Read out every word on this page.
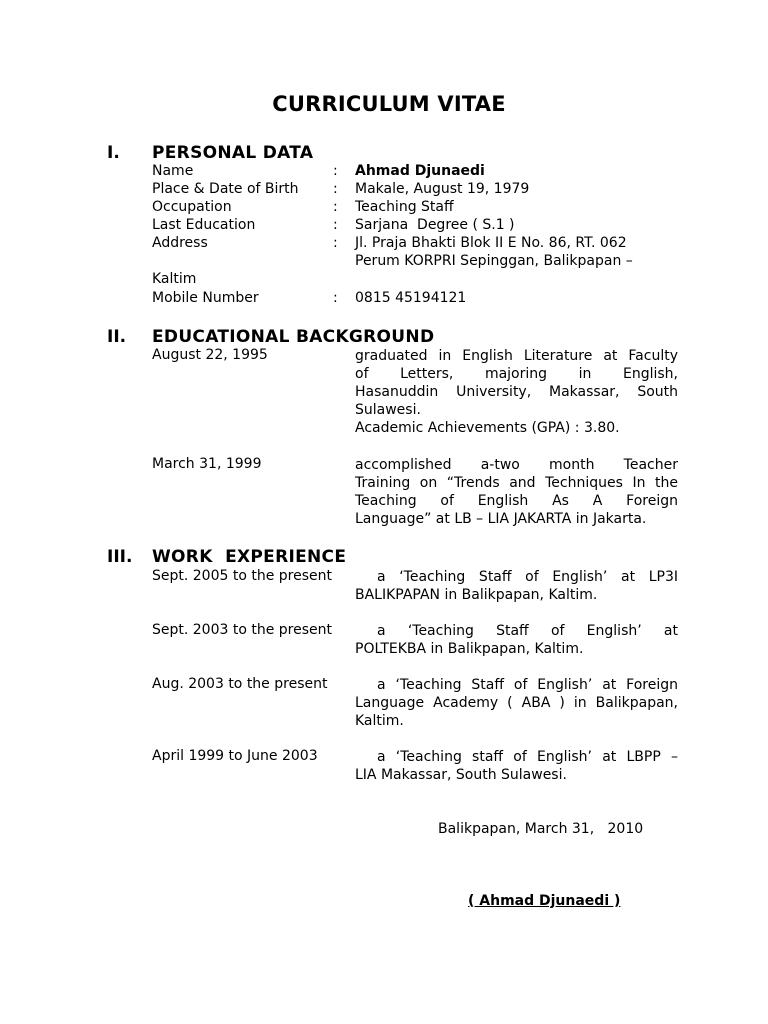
CURRICULUM VITAE
I. PERSONAL DATA
Name	: Ahmad Djunaedi
Place & Date of Birth : Makale, August 19, 1979
Occupation	: Teaching Staff
Last Education	: Sarjana  Degree ( S.1 )
Address	: Jl. Praja Bhakti Blok II E No. 86, RT. 062
Perum KORPRI Sepinggan, Balikpapan –
Kaltim
Mobile Number	: 0815 45194121
II. EDUCATIONAL BACKGROUND
August 22, 1995	graduated in English Literature at Faculty
of Letters, majoring in English,
Hasanuddin University, Makassar, South
Sulawesi.
Academic Achievements (GPA) : 3.80.
March 31, 1999	accomplished a-two month Teacher
Training on “Trends and Techniques In the
Teaching of English As A Foreign
Language” at LB – LIA JAKARTA in Jakarta.
III. WORK  EXPERIENCE
Sept. 2005 to the present	a ‘Teaching Staff of English’ at LP3I
BALIKPAPAN in Balikpapan, Kaltim.
Sept. 2003 to the present	a ‘Teaching Staff of English’ at
POLTEKBA in Balikpapan, Kaltim.
Aug. 2003 to the present	a ‘Teaching Staff of English’ at Foreign
Language Academy ( ABA ) in Balikpapan,
Kaltim.
April 1999 to June 2003	a ‘Teaching staff of English’ at LBPP –
LIA Makassar, South Sulawesi.
Balikpapan, March 31,   2010
( Ahmad Djunaedi )
